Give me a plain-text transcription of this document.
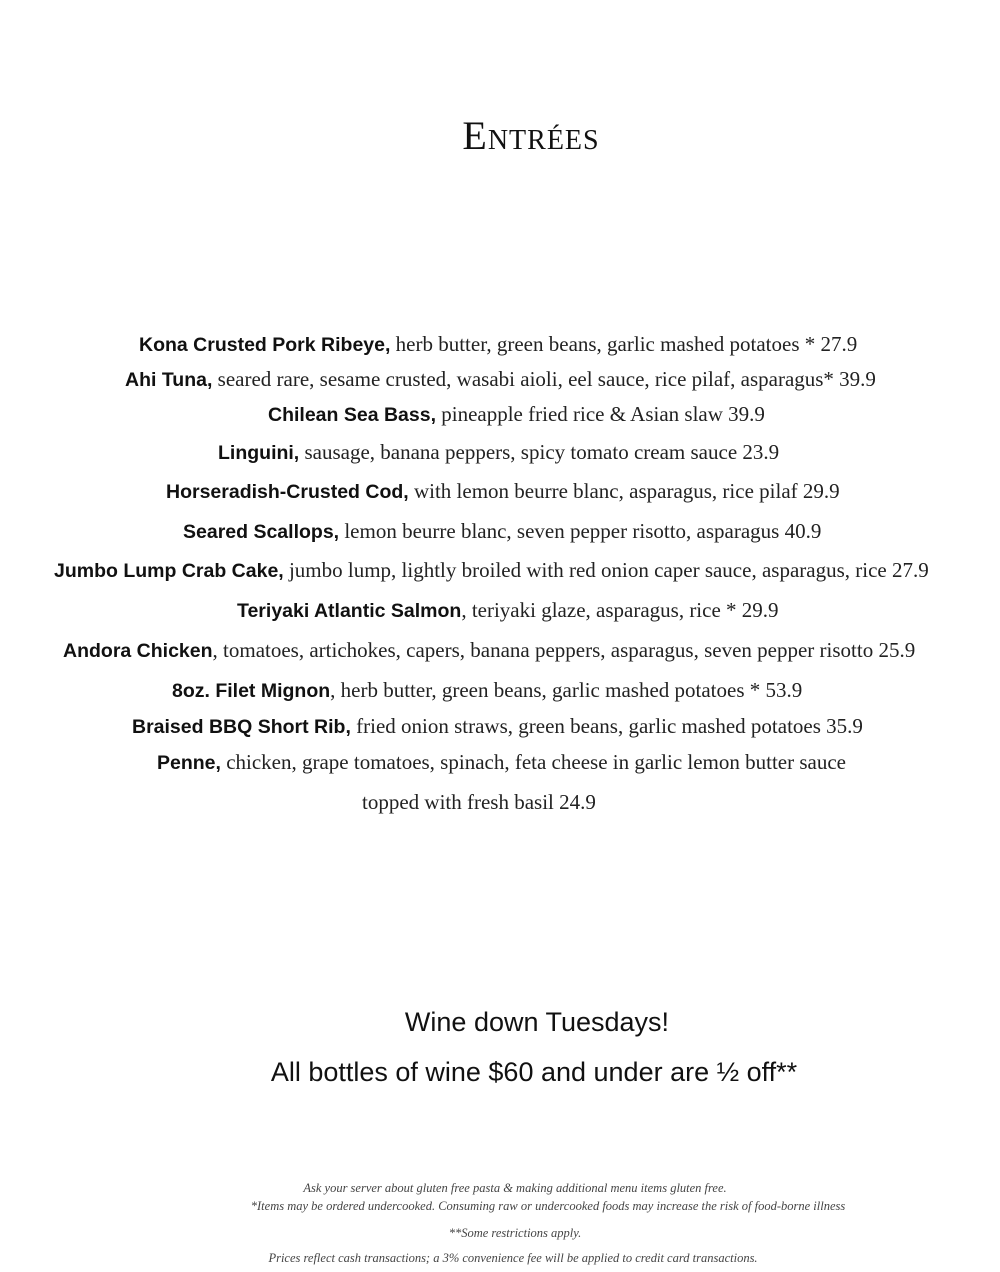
Entrées
Kona Crusted Pork Ribeye, herb butter, green beans, garlic mashed potatoes * 27.9
Ahi Tuna, seared rare, sesame crusted, wasabi aioli, eel sauce, rice pilaf, asparagus* 39.9
Chilean Sea Bass, pineapple fried rice & Asian slaw 39.9
Linguini, sausage, banana peppers, spicy tomato cream sauce 23.9
Horseradish-Crusted Cod, with lemon beurre blanc, asparagus, rice pilaf 29.9
Seared Scallops, lemon beurre blanc, seven pepper risotto, asparagus 40.9
Jumbo Lump Crab Cake, jumbo lump, lightly broiled with red onion caper sauce, asparagus, rice 27.9
Teriyaki Atlantic Salmon, teriyaki glaze, asparagus, rice * 29.9
Andora Chicken, tomatoes, artichokes, capers, banana peppers, asparagus, seven pepper risotto 25.9
8oz. Filet Mignon, herb butter, green beans, garlic mashed potatoes * 53.9
Braised BBQ Short Rib, fried onion straws, green beans, garlic mashed potatoes 35.9
Penne, chicken, grape tomatoes, spinach, feta cheese in garlic lemon butter sauce
topped with fresh basil 24.9
Wine down Tuesdays!
All bottles of wine $60 and under are ½ off**
Ask your server about gluten free pasta & making additional menu items gluten free.
*Items may be ordered undercooked. Consuming raw or undercooked foods may increase the risk of food-borne illness
**Some restrictions apply.
Prices reflect cash transactions; a 3% convenience fee will be applied to credit card transactions.
